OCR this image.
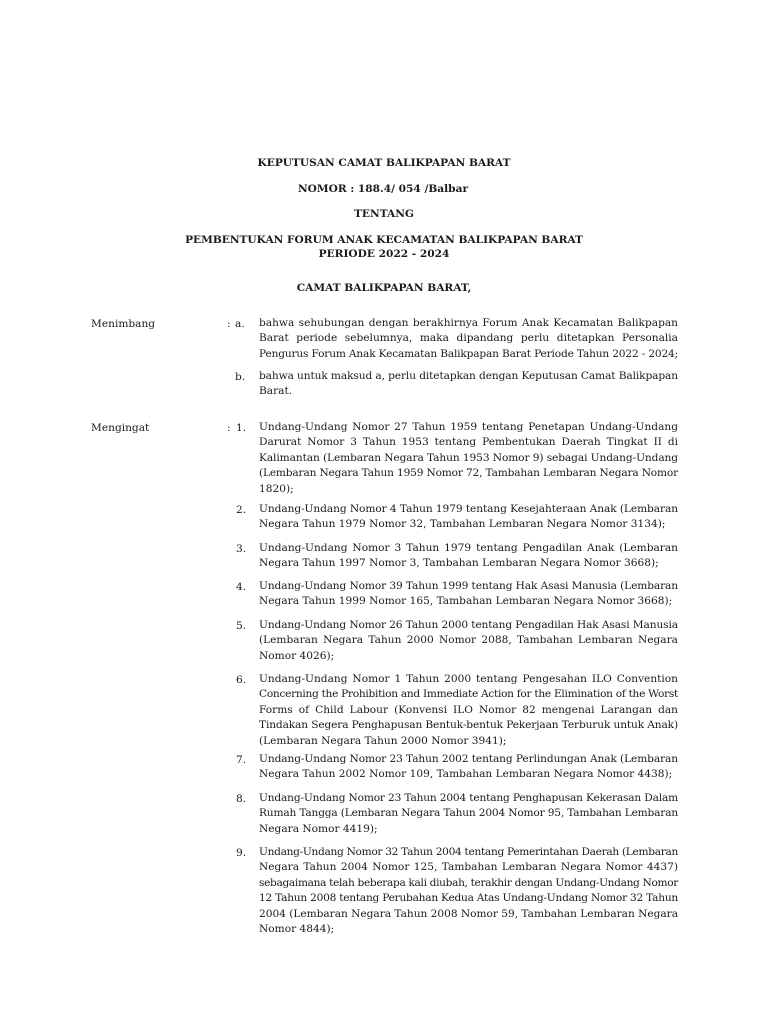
KEPUTUSAN CAMAT BALIKPAPAN BARAT
NOMOR : 188.4/ 054 /Balbar
TENTANG
PEMBENTUKAN FORUM ANAK KECAMATAN BALIKPAPAN BARAT
PERIODE 2022 - 2024
CAMAT BALIKPAPAN BARAT,
Menimbang	:
Mengingat	:
a. bahwa sehubungan dengan berakhirnya Forum Anak Kecamatan Balikpapan
Barat periode sebelumnya, maka dipandang perlu ditetapkan Personalia
Pengurus Forum Anak Kecamatan Balikpapan Barat Periode Tahun 2022 - 2024;
b. bahwa untuk maksud a, perlu ditetapkan dengan Keputusan Camat Balikpapan
Barat.
1. Undang-Undang Nomor 27 Tahun 1959 tentang Penetapan Undang-Undang
Darurat Nomor 3 Tahun 1953 tentang Pembentukan Daerah Tingkat II di
Kalimantan (Lembaran Negara Tahun 1953 Nomor 9) sebagai Undang-Undang
(Lembaran Negara Tahun 1959 Nomor 72, Tambahan Lembaran Negara Nomor
1820);
2. Undang-Undang Nomor 4 Tahun 1979 tentang Kesejahteraan Anak (Lembaran
Negara Tahun 1979 Nomor 32, Tambahan Lembaran Negara Nomor 3134);
3. Undang-Undang Nomor 3 Tahun 1979 tentang Pengadilan Anak (Lembaran
Negara Tahun 1997 Nomor 3, Tambahan Lembaran Negara Nomor 3668);
4. Undang-Undang Nomor 39 Tahun 1999 tentang Hak Asasi Manusia (Lembaran
Negara Tahun 1999 Nomor 165, Tambahan Lembaran Negara Nomor 3668);
5. Undang-Undang Nomor 26 Tahun 2000 tentang Pengadilan Hak Asasi Manusia
(Lembaran Negara Tahun 2000 Nomor 2088, Tambahan Lembaran Negara
Nomor 4026);
6. Undang-Undang Nomor 1 Tahun 2000 tentang Pengesahan ILO Convention
Concerning the Prohibition and Immediate Action for the Elimination of the Worst
Forms of Child Labour (Konvensi ILO Nomor 82 mengenai Larangan dan
Tindakan Segera Penghapusan Bentuk-bentuk Pekerjaan Terburuk untuk Anak)
(Lembaran Negara Tahun 2000 Nomor 3941);
7. Undang-Undang Nomor 23 Tahun 2002 tentang Perlindungan Anak (Lembaran
Negara Tahun 2002 Nomor 109, Tambahan Lembaran Negara Nomor 4438);
8. Undang-Undang Nomor 23 Tahun 2004 tentang Penghapusan Kekerasan Dalam
Rumah Tangga (Lembaran Negara Tahun 2004 Nomor 95, Tambahan Lembaran
Negara Nomor 4419);
9. Undang-Undang Nomor 32 Tahun 2004 tentang Pemerintahan Daerah (Lembaran
Negara Tahun 2004 Nomor 125, Tambahan Lembaran Negara Nomor 4437)
sebagaimana telah beberapa kali diubah, terakhir dengan Undang-Undang Nomor
12 Tahun 2008 tentang Perubahan Kedua Atas Undang-Undang Nomor 32 Tahun
2004 (Lembaran Negara Tahun 2008 Nomor 59, Tambahan Lembaran Negara
Nomor 4844);
